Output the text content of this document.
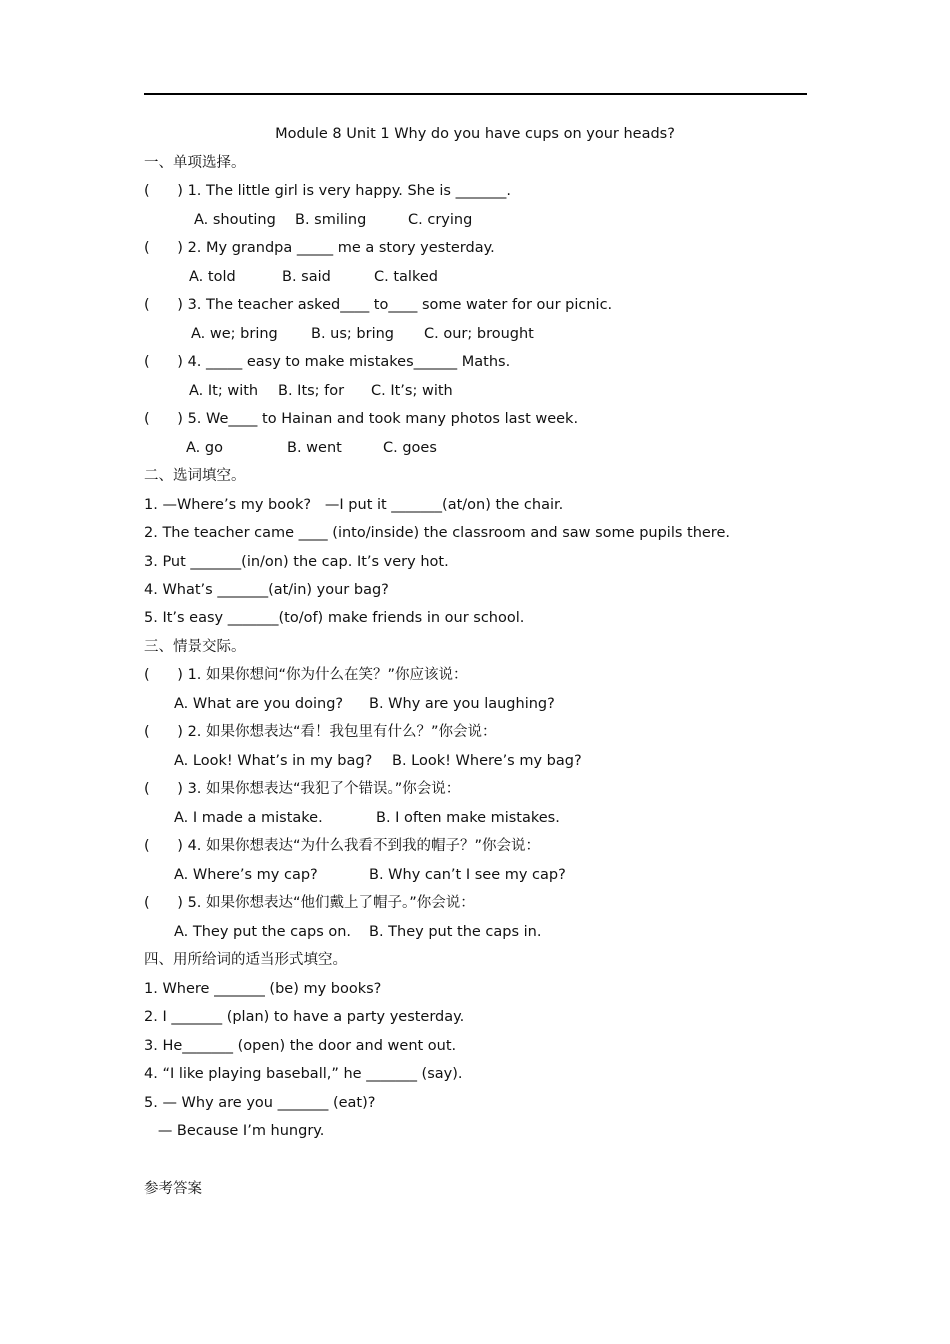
Module 8 Unit 1 Why do you have cups on your heads?
一、单项选择。
(      ) 1. The little girl is very happy. She is _______.
A. shouting B. smiling	C. crying
(      ) 2. My grandpa _____ me a story yesterday.
A. told	B. said	C. talked
(      ) 3. The teacher asked____ to____ some water for our picnic.
A. we; bring B. us; bring C. our; brought
(      ) 4. _____ easy to make mistakes______ Maths.
A. It; with B. Its; for C. It’s; with
(      ) 5. We____ to Hainan and took many photos last week.
A. go	B. went	C. goes
二、选词填空。
1. —Where’s my book?   —I put it _______(at/on) the chair.
2. The teacher came ____ (into/inside) the classroom and saw some pupils there.
3. Put _______(in/on) the cap. It’s very hot.
4. What’s _______(at/in) your bag?
5. It’s easy _______(to/of) make friends in our school.
三、情景交际。
(      ) 1. 如果你想问“你为什么在笑？”你应该说：
A. What are you doing? B. Why are you laughing?
(      ) 2. 如果你想表达“看！我包里有什么？”你会说：
A. Look! What’s in my bag? B. Look! Where’s my bag?
(      ) 3. 如果你想表达“我犯了个错误。”你会说：
A. I made a mistake.	B. I often make mistakes.
(      ) 4. 如果你想表达“为什么我看不到我的帽子？”你会说：
A. Where’s my cap?	B. Why can’t I see my cap?
(      ) 5. 如果你想表达“他们戴上了帽子。”你会说：
A. They put the caps on. B. They put the caps in.
四、用所给词的适当形式填空。
1. Where _______ (be) my books?
2. I _______ (plan) to have a party yesterday.
3. He_______ (open) the door and went out.
4. “I like playing baseball,” he _______ (say).
5. — Why are you _______ (eat)?
— Because I’m hungry.
参考答案
